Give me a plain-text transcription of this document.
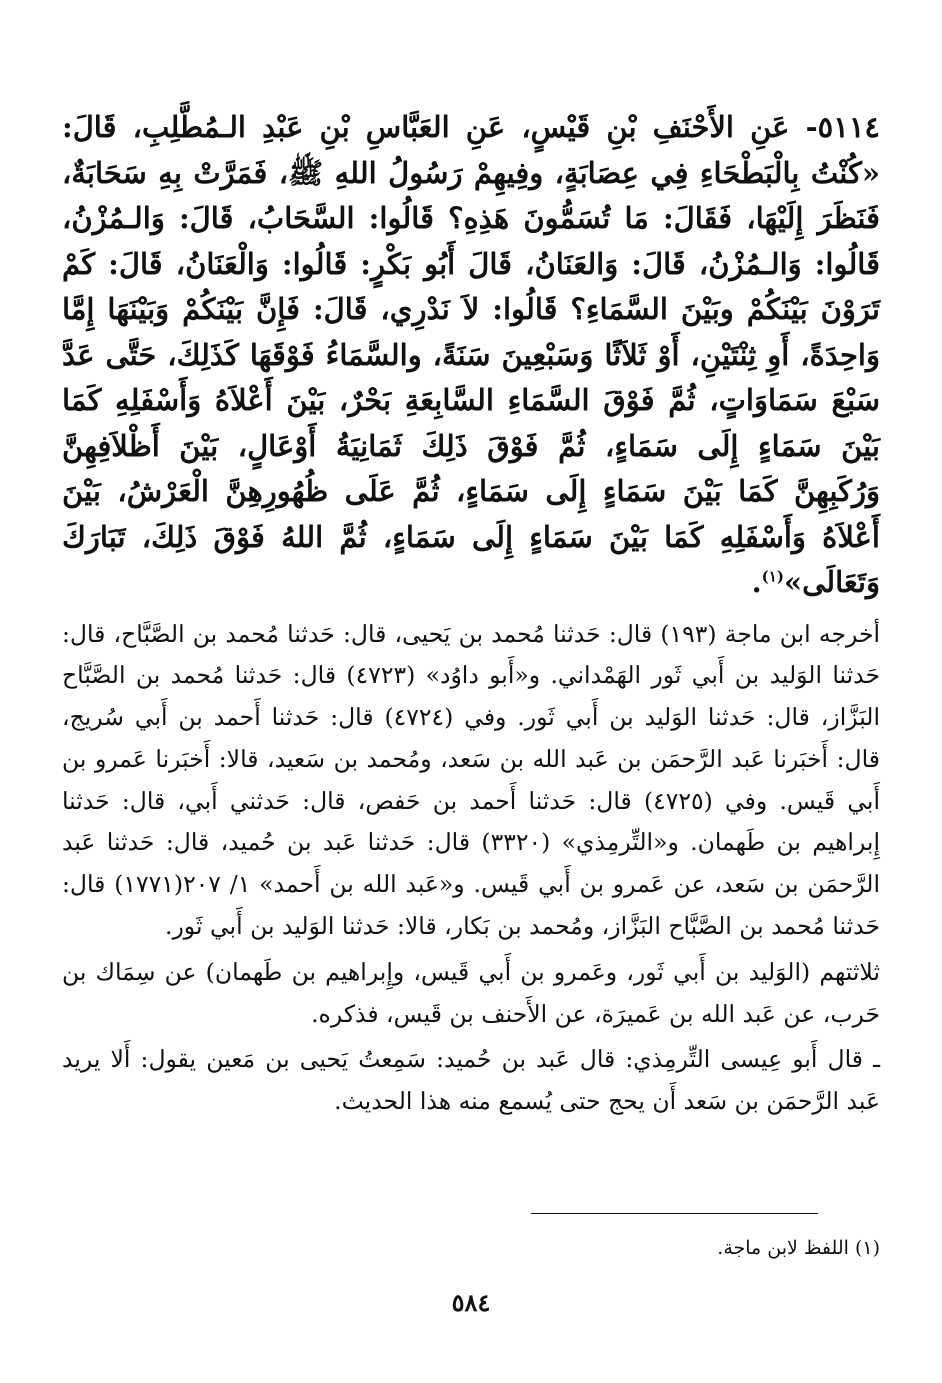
٥١١٤- عَنِ الأَحْنَفِ بْنِ قَيْسٍ، عَنِ العَبَّاسِ بْنِ عَبْدِ الـمُطَّلِبِ، قَالَ: «كُنْتُ بِالْبَطْحَاءِ فِي عِصَابَةٍ، وفِيهِمْ رَسُولُ اللهِ ﷺ، فَمَرَّتْ بِهِ سَحَابَةٌ، فَنَظَرَ إِلَيْهَا، فَقَالَ: مَا تُسَمُّونَ هَذِهِ؟ قَالُوا: السَّحَابُ، قَالَ: وَالـمُزْنُ، قَالُوا: وَالـمُزْنُ، قَالَ: وَالعَنَانُ، قَالَ أَبُو بَكْرٍ: قَالُوا: وَالْعَنَانُ، قَالَ: كَمْ تَرَوْنَ بَيْنَكُمْ وبَيْنَ السَّمَاءِ؟ قَالُوا: لاَ نَدْرِي، قَالَ: فَإِنَّ بَيْنَكُمْ وَبَيْنَهَا إِمَّا وَاحِدَةً، أَوِ ثِنْتَيْنِ، أَوْ ثَلاَثًا وَسَبْعِينَ سَنَةً، والسَّمَاءُ فَوْقَهَا كَذَلِكَ، حَتَّى عَدَّ سَبْعَ سَمَاوَاتٍ، ثُمَّ فَوْقَ السَّمَاءِ السَّابِعَةِ بَحْرٌ، بَيْنَ أَعْلاَهُ وَأَسْفَلِهِ كَمَا بَيْنَ سَمَاءٍ إِلَى سَمَاءٍ، ثُمَّ فَوْقَ ذَلِكَ ثَمَانِيَةُ أَوْعَالٍ، بَيْنَ أَظْلاَفِهِنَّ وَرُكَبِهِنَّ كَمَا بَيْنَ سَمَاءٍ إِلَى سَمَاءٍ، ثُمَّ عَلَى ظُهُورِهِنَّ الْعَرْشُ، بَيْنَ أَعْلاَهُ وَأَسْفَلِهِ كَمَا بَيْنَ سَمَاءٍ إِلَى سَمَاءٍ، ثُمَّ اللهُ فَوْقَ ذَلِكَ، تَبَارَكَ وَتَعَالَى»$^{(١)}$.

أخرجه ابن ماجة (١٩٣) قال: حَدثنا مُحمد بن يَحيى، قال: حَدثنا مُحمد بن الصَّبَّاح، قال: حَدثنا الوَليد بن أَبي ثَور الهَمْداني. و«أَبو داوُد» (٤٧٢٣) قال: حَدثنا مُحمد بن الصَّبَّاح البَزَّاز، قال: حَدثنا الوَليد بن أَبي ثَور. وفي (٤٧٢٤) قال: حَدثنا أَحمد بن أَبي سُريج، قال: أَخبَرنا عَبد الرَّحمَن بن عَبد الله بن سَعد، ومُحمد بن سَعيد، قالا: أَخبَرنا عَمرو بن أَبي قَيس. وفي (٤٧٢٥) قال: حَدثنا أَحمد بن حَفص، قال: حَدثني أَبي، قال: حَدثنا إِبراهيم بن طَهمان. و«التِّرمِذي» (٣٣٢٠) قال: حَدثنا عَبد بن حُميد، قال: حَدثنا عَبد الرَّحمَن بن سَعد، عن عَمرو بن أَبي قَيس. و«عَبد الله بن أَحمد» ١/ ٢٠٧(١٧٧١) قال: حَدثنا مُحمد بن الصَّبَّاح البَزَّاز، ومُحمد بن بَكار، قالا: حَدثنا الوَليد بن أَبي ثَور.

ثلاثتهم (الوَليد بن أَبي ثَور، وعَمرو بن أَبي قَيس، وإِبراهيم بن طَهمان) عن سِمَاك بن حَرب، عن عَبد الله بن عَميرَة، عن الأَحنف بن قَيس، فذكره.

ـ قال أَبو عِيسى التِّرمِذي: قال عَبد بن حُميد: سَمِعتُ يَحيى بن مَعين يقول: أَلا يريد عَبد الرَّحمَن بن سَعد أَن يحج حتى يُسمع منه هذا الحديث.

(١) اللفظ لابن ماجة.
٥٨٤
